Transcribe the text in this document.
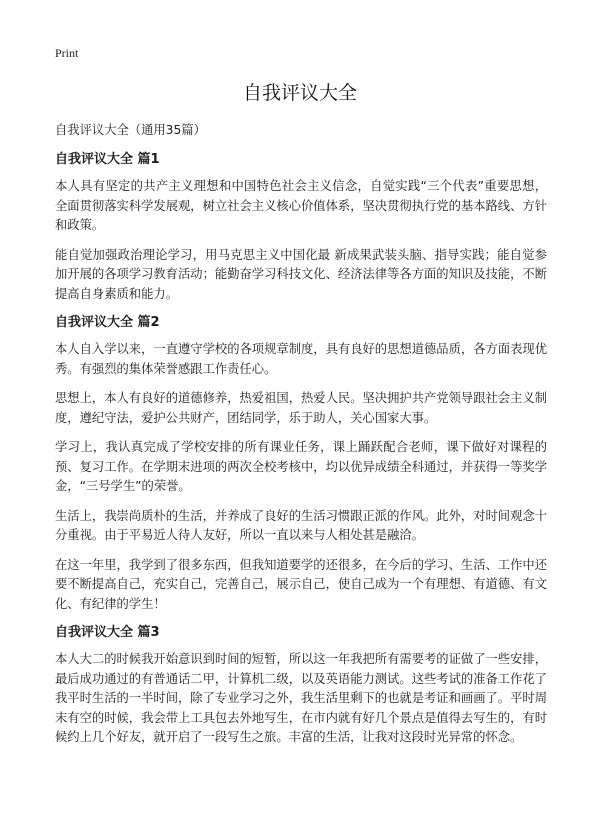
Print
自我评议大全

自我评议大全（通用35篇）

自我评议大全 篇1

本人具有坚定的共产主义理想和中国特色社会主义信念，自觉实践“三个代表”重要思想，全面贯彻落实科学发展观，树立社会主义核心价值体系，坚决贯彻执行党的基本路线、方针和政策。

能自觉加强政治理论学习，用马克思主义中国化最 新成果武装头脑、指导实践；能自觉参加开展的各项学习教育活动；能勤奋学习科技文化、经济法律等各方面的知识及技能，不断提高自身素质和能力。

自我评议大全 篇2

本人自入学以来，一直遵守学校的各项规章制度，具有良好的思想道德品质，各方面表现优秀。有强烈的集体荣誉感跟工作责任心。

思想上，本人有良好的道德修养，热爱祖国，热爱人民。坚决拥护共产党领导跟社会主义制度，遵纪守法，爱护公共财产，团结同学，乐于助人，关心国家大事。

学习上，我认真完成了学校安排的所有课业任务，课上踊跃配合老师，课下做好对课程的预、复习工作。在学期末进项的两次全校考核中，均以优异成绩全科通过，并获得一等奖学金，“三号学生”的荣誉。

生活上，我崇尚质朴的生活，并养成了良好的生活习惯跟正派的作风。此外，对时间观念十分重视。由于平易近人待人友好，所以一直以来与人相处甚是融洽。

在这一年里，我学到了很多东西，但我知道要学的还很多，在今后的学习、生活、工作中还要不断提高自己，充实自己，完善自己，展示自己，使自己成为一个有理想、有道德、有文化、有纪律的学生！

自我评议大全 篇3

本人大二的时候我开始意识到时间的短暂，所以这一年我把所有需要考的证做了一些安排，最后成功通过的有普通话二甲，计算机二级，以及英语能力测试。这些考试的准备工作花了我平时生活的一半时间，除了专业学习之外，我生活里剩下的也就是考证和画画了。平时周末有空的时候，我会带上工具包去外地写生，在市内就有好几个景点是值得去写生的，有时候约上几个好友，就开启了一段写生之旅。丰富的生活，让我对这段时光异常的怀念。
